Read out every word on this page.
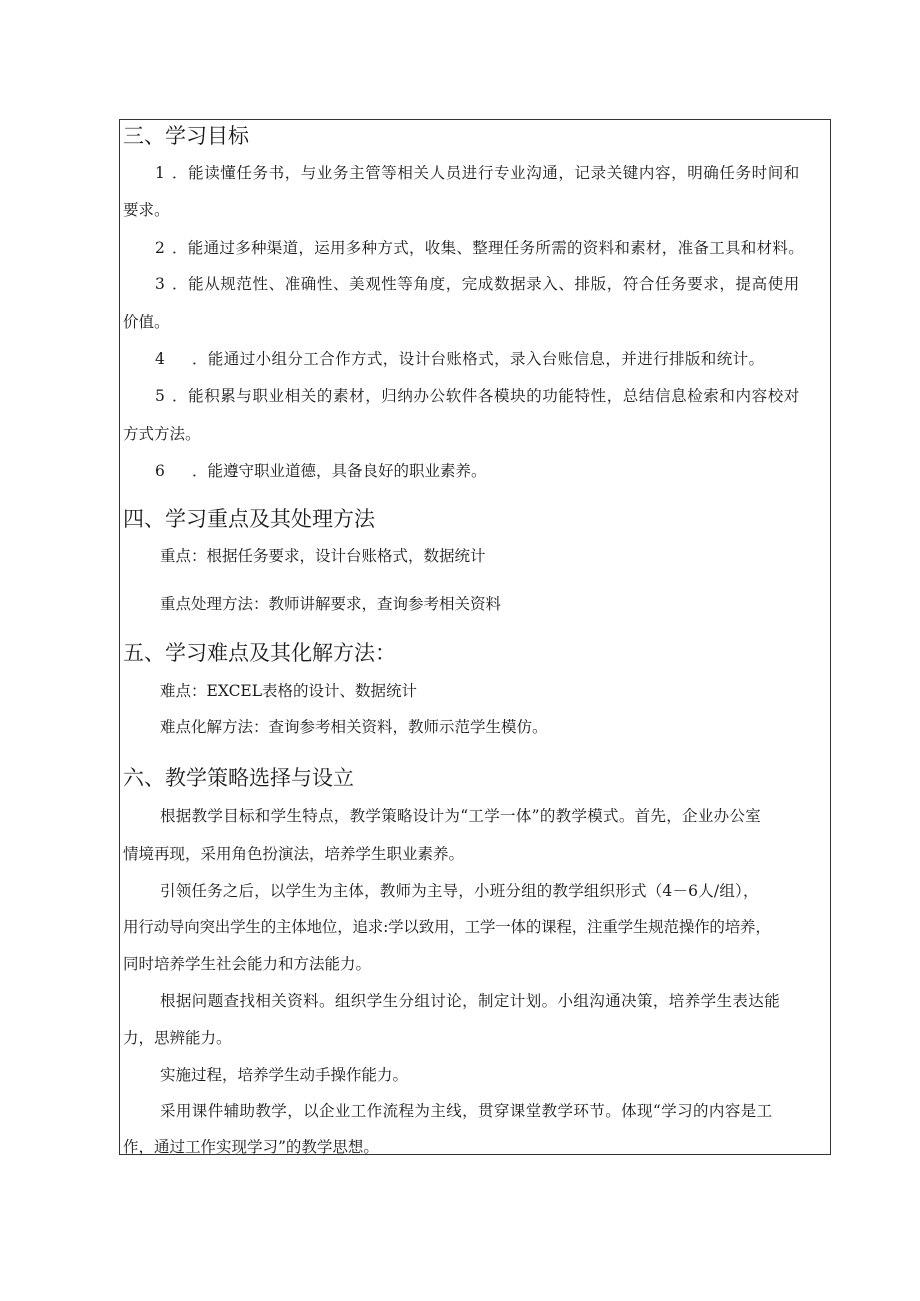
三、学习目标
1 ．能读懂任务书，与业务主管等相关人员进行专业沟通，记录关键内容，明确任务时间和
要求。
2 ．能通过多种渠道，运用多种方式，收集、整理任务所需的资料和素材，准备工具和材料。
3 ．能从规范性、准确性、美观性等角度，完成数据录入、排版，符合任务要求，提高使用
价值。
4 ．能通过小组分工合作方式，设计台账格式，录入台账信息，并进行排版和统计。
5 ．能积累与职业相关的素材，归纳办公软件各模块的功能特性，总结信息检索和内容校对
方式方法。
6 ．能遵守职业道德，具备良好的职业素养。
四、学习重点及其处理方法
重点：根据任务要求，设计台账格式，数据统计
重点处理方法：教师讲解要求，查询参考相关资料
五、学习难点及其化解方法：
难点：EXCEL表格的设计、数据统计
难点化解方法：查询参考相关资料，教师示范学生模仿。
六、教学策略选择与设立
根据教学目标和学生特点，教学策略设计为“工学一体”的教学模式。首先，企业办公室
情境再现，采用角色扮演法，培养学生职业素养。
引领任务之后，以学生为主体，教师为主导，小班分组的教学组织形式（4－6人/组），
用行动导向突出学生的主体地位，追求:学以致用，工学一体的课程，注重学生规范操作的培养，
同时培养学生社会能力和方法能力。
根据问题查找相关资料。组织学生分组讨论，制定计划。小组沟通决策，培养学生表达能
力，思辨能力。
实施过程，培养学生动手操作能力。
采用课件辅助教学，以企业工作流程为主线，贯穿课堂教学环节。体现“学习的内容是工
作，通过工作实现学习”的教学思想。
